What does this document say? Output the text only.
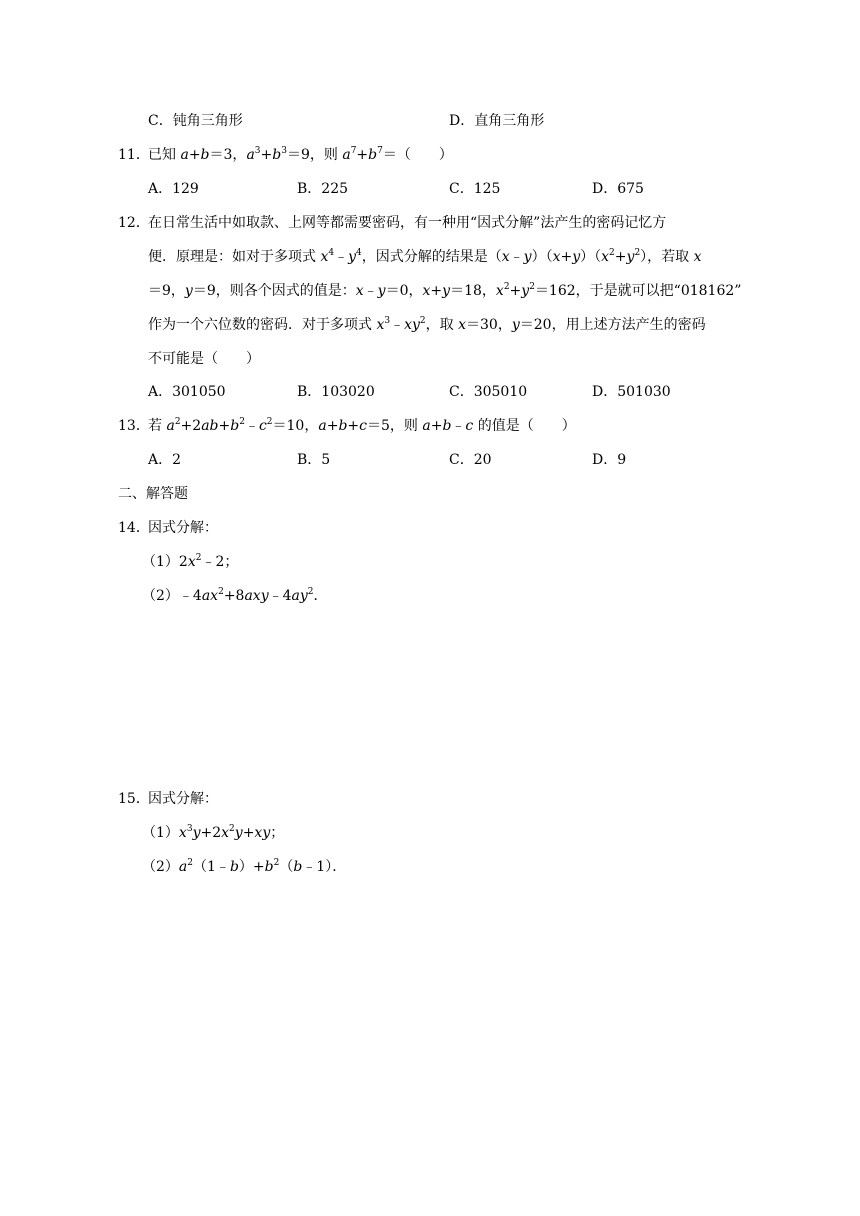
C．钝角三角形	D．直角三角形
11．
已知 a+b＝3，$a^3+b^3=9$，则 $a^7+b^7=$（　　）
A．129	B．225	C．125	D．675
12．
在日常生活中如取款、上网等都需要密码，有一种用“因式分解”法产生的密码记忆方
便．原理是：如对于多项式 $x^4﹣y^4$，因式分解的结果是$(x﹣y)(x+y)(x^2+y^2)$，若取 x
＝9，y＝9，则各个因式的值是：x﹣y＝0，x+y＝18，$x^2+y^2=162$，于是就可以把“018162”
作为一个六位数的密码．对于多项式 $x^3﹣xy^2$，取 x＝30，y＝20，用上述方法产生的密码
不可能是（　　）
A．301050	B．103020	C．305010	D．501030
13．
若 $a^2+2ab+b^2﹣c^2=10$，a+b+c＝5，则 a+b﹣c 的值是（　　）
A．2	B．5	C．20	D．9
二、解答题
14．
因式分解：
$(1)2x^2﹣2$；
$(2)﹣4ax^2+8axy﹣4ay^2$．
15．
因式分解：
$(1)x^3y+2x^2y+xy$；
$(2)a^2(1﹣b)+b^2(b﹣1)$．
